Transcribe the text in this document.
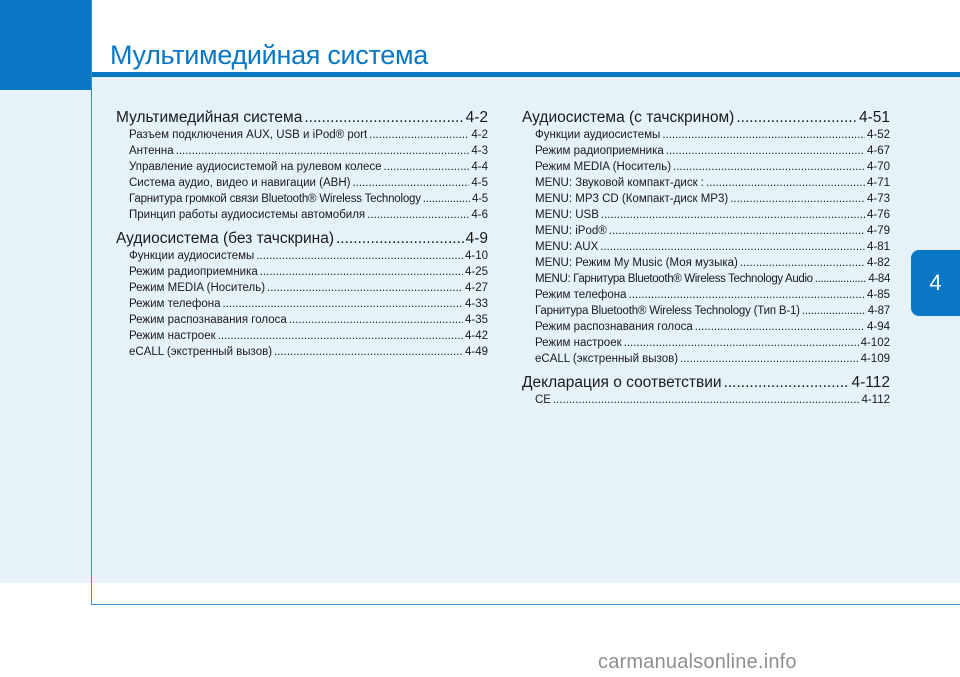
Мультимедийная система
4
Мультимедийная система .....	4-2
Разъем подключения AUX, USB и iPod® port .....	4-2
Антенна .....	4-3
Управление аудиосистемой на рулевом колесе .....	4-4
Система аудио, видео и навигации (АВН) .....	4-5
Гарнитура громкой связи Bluetooth® Wireless Technology .....	4-5
Принцип работы аудиосистемы автомобиля .....	4-6
Аудиосистема (без тачскрина) .....	4-9
Функции аудиосистемы .....	4-10
Режим радиоприемника .....	4-25
Режим MEDIA (Носитель) .....	4-27
Режим телефона .....	4-33
Режим распознавания голоса .....	4-35
Режим настроек .....	4-42
eCALL (экстренный вызов) .....	4-49
Аудиосистема (с тачскрином) .....	4-51
Функции аудиосистемы .....	4-52
Режим радиоприемника .....	4-67
Режим MEDIA (Носитель) .....	4-70
MENU: Звуковой компакт-диск : .....	4-71
MENU: MP3 CD (Компакт-диск MP3) .....	4-73
MENU: USB .....	4-76
MENU: iPod® .....	4-79
MENU: AUX .....	4-81
MENU: Режим My Music (Моя музыка) .....	4-82
MENU: Гарнитура Bluetooth® Wireless Technology Audio .....	4-84
Режим телефона .....	4-85
Гарнитура Bluetooth® Wireless Technology (Тип B-1) .....	4-87
Режим распознавания голоса .....	4-94
Режим настроек .....	4-102
eCALL (экстренный вызов) .....	4-109
Декларация о соответствии .....	4-112
CE .....	4-112
carmanualsonline.info
